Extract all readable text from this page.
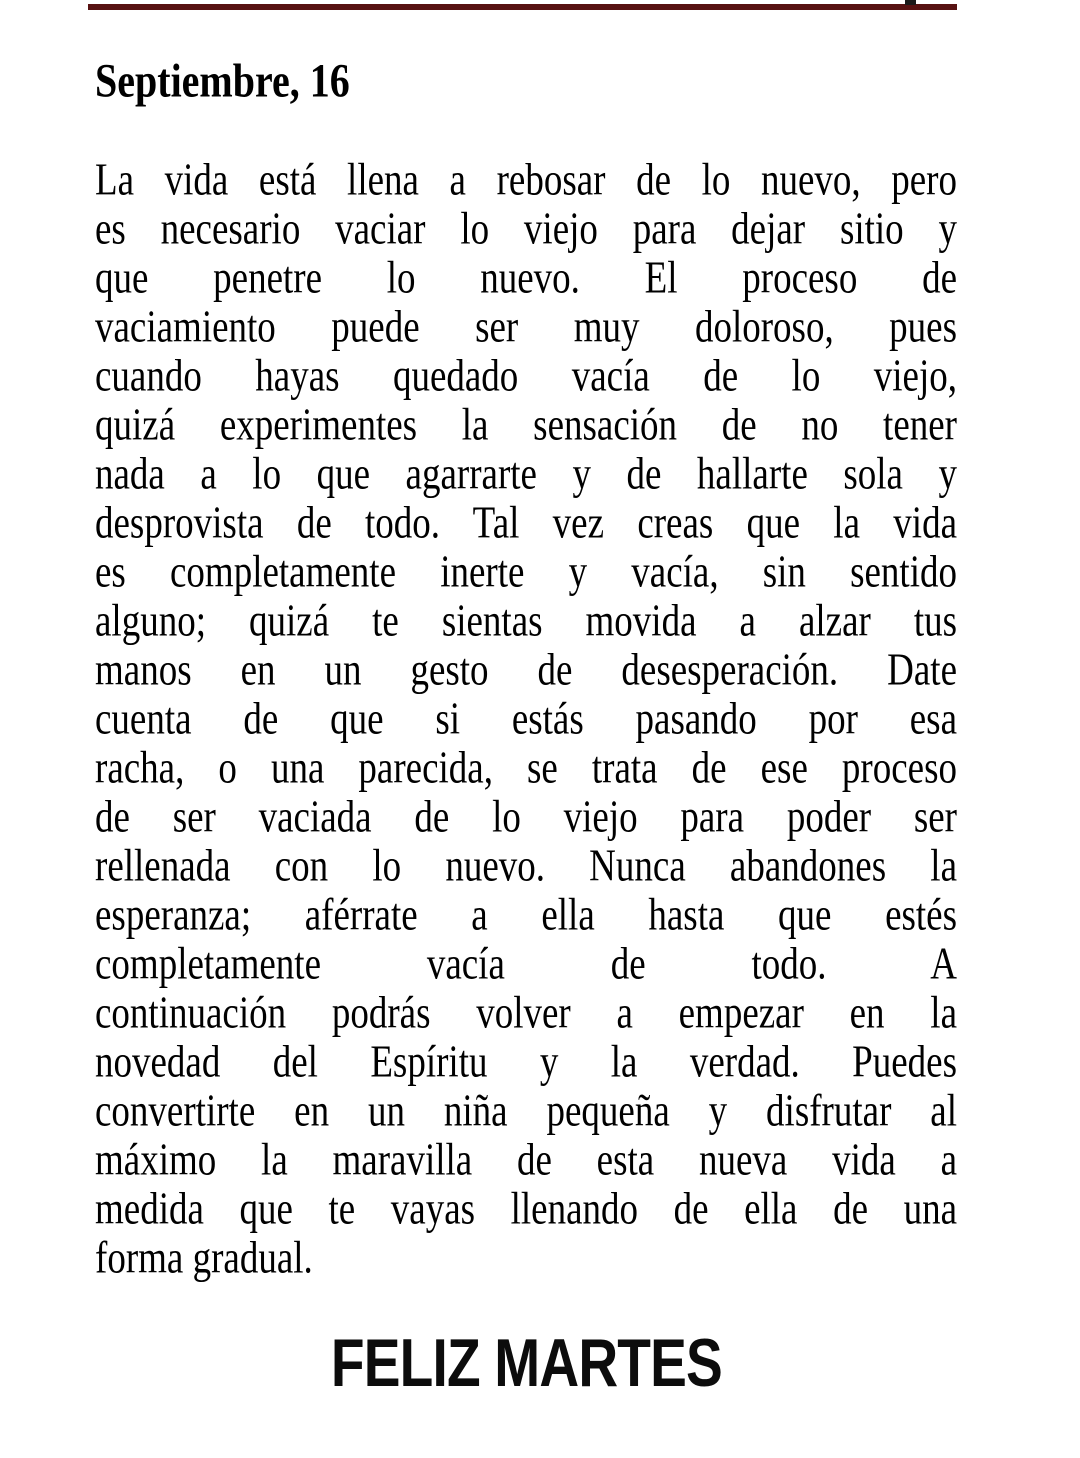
Septiembre, 16
La vida está llena a rebosar de lo nuevo, pero
es necesario vaciar lo viejo para dejar sitio y
que penetre lo nuevo. El proceso de
vaciamiento puede ser muy doloroso, pues
cuando hayas quedado vacía de lo viejo,
quizá experimentes la sensación de no tener
nada a lo que agarrarte y de hallarte sola y
desprovista de todo. Tal vez creas que la vida
es completamente inerte y vacía, sin sentido
alguno; quizá te sientas movida a alzar tus
manos en un gesto de desesperación. Date
cuenta de que si estás pasando por esa
racha, o una parecida, se trata de ese proceso
de ser vaciada de lo viejo para poder ser
rellenada con lo nuevo. Nunca abandones la
esperanza; aférrate a ella hasta que estés
completamente vacía de todo. A
continuación podrás volver a empezar en la
novedad del Espíritu y la verdad. Puedes
convertirte en un niña pequeña y disfrutar al
máximo la maravilla de esta nueva vida a
medida que te vayas llenando de ella de una
forma gradual.
FELIZ MARTES
